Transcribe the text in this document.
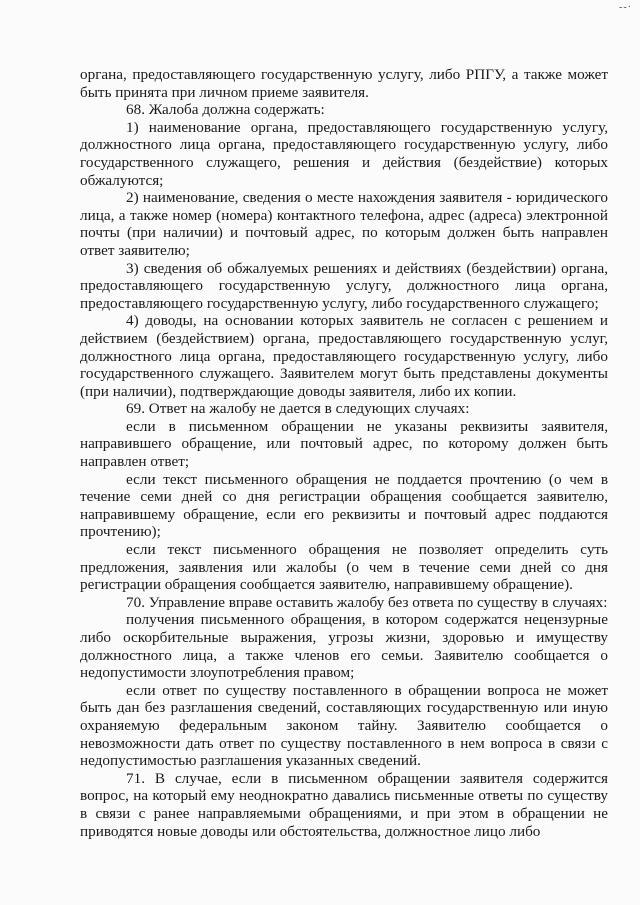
--·

органа, предоставляющего государственную услугу, либо РПГУ, а также может быть принята при личном приеме заявителя.

68. Жалоба должна содержать:

1) наименование органа, предоставляющего государственную услугу, должностного лица органа, предоставляющего государственную услугу, либо государственного служащего, решения и действия (бездействие) которых обжалуются;

2) наименование, сведения о месте нахождения заявителя - юридического лица, а также номер (номера) контактного телефона, адрес (адреса) электронной почты (при наличии) и почтовый адрес, по которым должен быть направлен ответ заявителю;

3) сведения об обжалуемых решениях и действиях (бездействии) органа, предоставляющего государственную услугу, должностного лица органа, предоставляющего государственную услугу, либо государственного служащего;

4) доводы, на основании которых заявитель не согласен с решением и действием (бездействием) органа, предоставляющего государственную услуг, должностного лица органа, предоставляющего государственную услугу, либо государственного служащего. Заявителем могут быть представлены документы (при наличии), подтверждающие доводы заявителя, либо их копии.

69. Ответ на жалобу не дается в следующих случаях:

если в письменном обращении не указаны реквизиты заявителя, направившего обращение, или почтовый адрес, по которому должен быть направлен ответ;

если текст письменного обращения не поддается прочтению (о чем в течение семи дней со дня регистрации обращения сообщается заявителю, направившему обращение, если его реквизиты и почтовый адрес поддаются прочтению);

если текст письменного обращения не позволяет определить суть предложения, заявления или жалобы (о чем в течение семи дней со дня регистрации обращения сообщается заявителю, направившему обращение).

70. Управление вправе оставить жалобу без ответа по существу в случаях:

получения письменного обращения, в котором содержатся нецензурные либо оскорбительные выражения, угрозы жизни, здоровью и имуществу должностного лица, а также членов его семьи. Заявителю сообщается о недопустимости злоупотребления правом;

если ответ по существу поставленного в обращении вопроса не может быть дан без разглашения сведений, составляющих государственную или иную охраняемую федеральным законом тайну. Заявителю сообщается о невозможности дать ответ по существу поставленного в нем вопроса в связи с недопустимостью разглашения указанных сведений.

71. В случае, если в письменном обращении заявителя содержится вопрос, на который ему неоднократно давались письменные ответы по существу в связи с ранее направляемыми обращениями, и при этом в обращении не приводятся новые доводы или обстоятельства, должностное лицо либо
